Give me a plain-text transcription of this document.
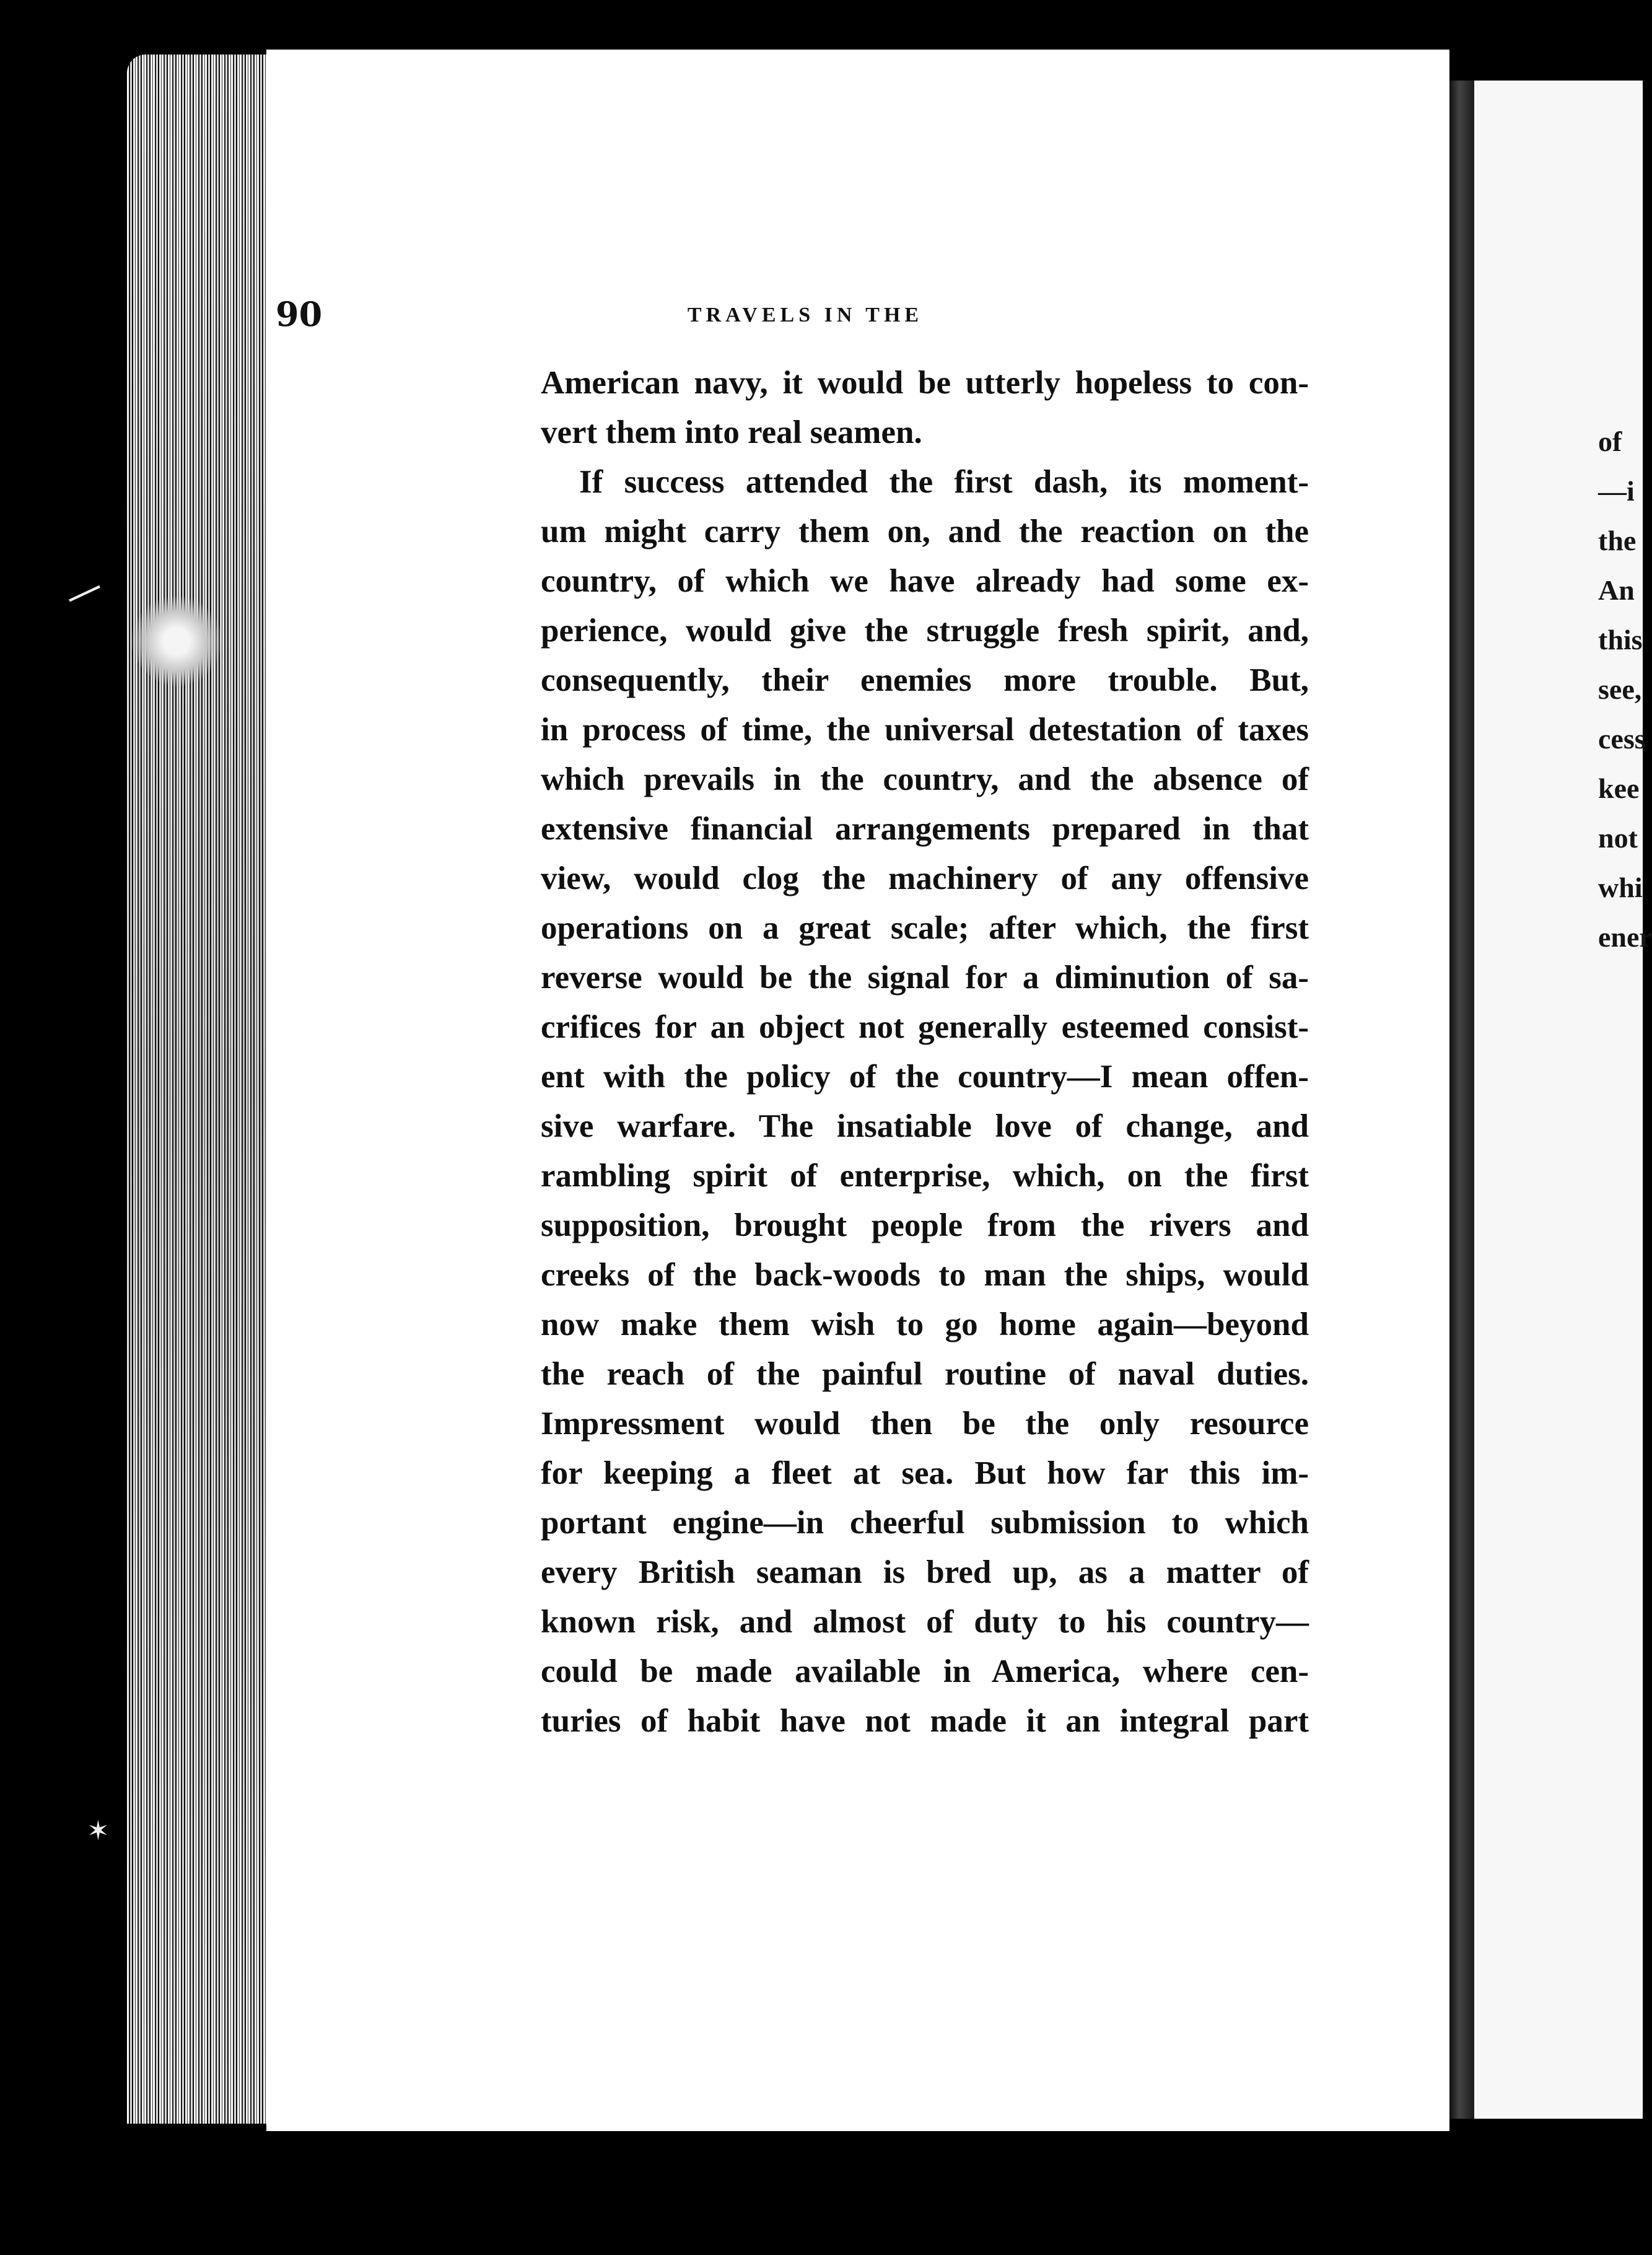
—
✶
90	TRAVELS IN THE
American navy, it would be utterly hopeless to con-
vert them into real seamen.
If success attended the first dash, its moment-
um might carry them on, and the reaction on the
country, of which we have already had some ex-
perience, would give the struggle fresh spirit, and,
consequently, their enemies more trouble. But,
in process of time, the universal detestation of taxes
which prevails in the country, and the absence of
extensive financial arrangements prepared in that
view, would clog the machinery of any offensive
operations on a great scale; after which, the first
reverse would be the signal for a diminution of sa-
crifices for an object not generally esteemed consist-
ent with the policy of the country—I mean offen-
sive warfare. The insatiable love of change, and
rambling spirit of enterprise, which, on the first
supposition, brought people from the rivers and
creeks of the back-woods to man the ships, would
now make them wish to go home again—beyond
the reach of the painful routine of naval duties.
Impressment would then be the only resource
for keeping a fleet at sea. But how far this im-
portant engine—in cheerful submission to which
every British seaman is bred up, as a matter of
known risk, and almost of duty to his country—
could be made available in America, where cen-
turies of habit have not made it an integral part
of
—i
the
An
this
see,
cess
kee
not
whi
ener
